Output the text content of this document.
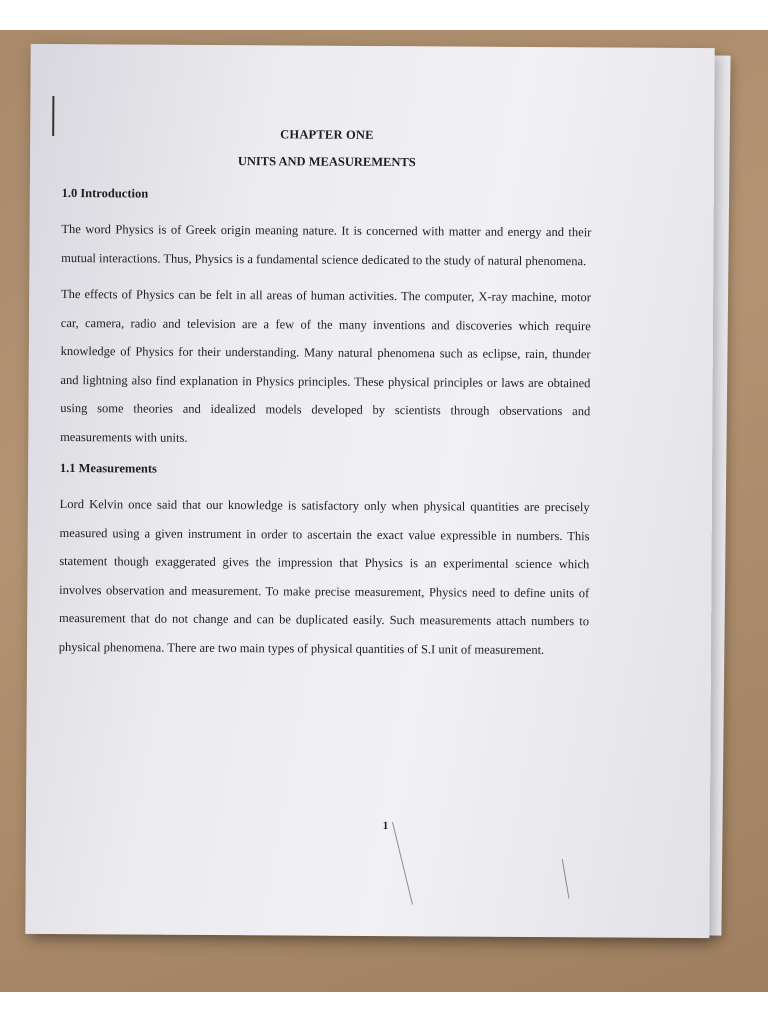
CHAPTER ONE
UNITS AND MEASUREMENTS
1.0 Introduction

The word Physics is of Greek origin meaning nature. It is concerned with matter and energy and their mutual interactions. Thus, Physics is a fundamental science dedicated to the study of natural phenomena.

The effects of Physics can be felt in all areas of human activities. The computer, X-ray machine, motor car, camera, radio and television are a few of the many inventions and discoveries which require knowledge of Physics for their understanding. Many natural phenomena such as eclipse, rain, thunder and lightning also find explanation in Physics principles. These physical principles or laws are obtained using some theories and idealized models developed by scientists through observations and measurements with units.

1.1 Measurements

Lord Kelvin once said that our knowledge is satisfactory only when physical quantities are precisely measured using a given instrument in order to ascertain the exact value expressible in numbers. This statement though exaggerated gives the impression that Physics is an experimental science which involves observation and measurement. To make precise measurement, Physics need to define units of measurement that do not change and can be duplicated easily. Such measurements attach numbers to physical phenomena. There are two main types of physical quantities of S.I unit of measurement.

1
